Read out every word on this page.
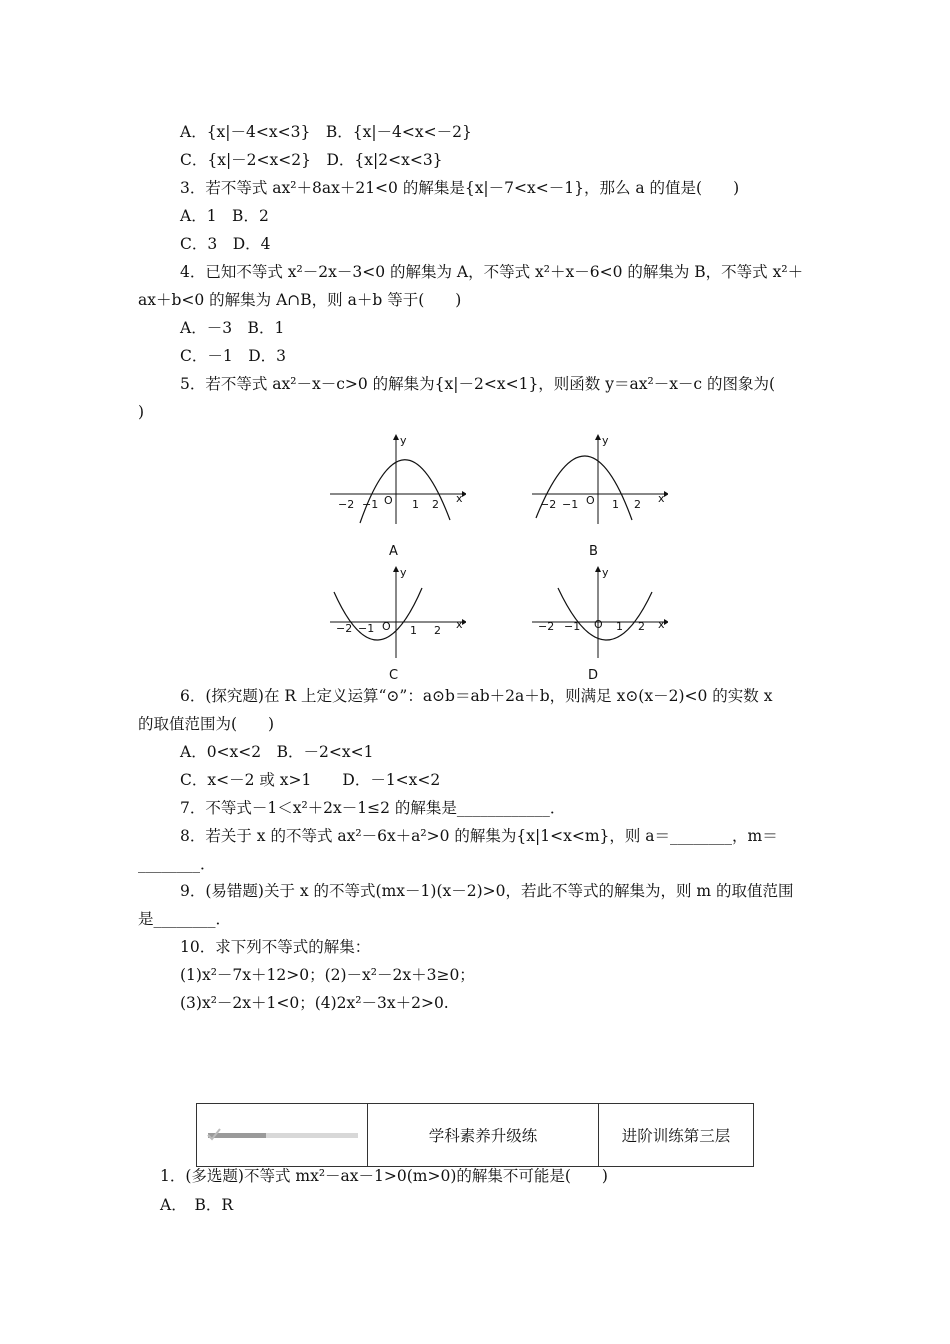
A．{x|－4<x<3}　B．{x|－4<x<－2}
C．{x|－2<x<2}　D．{x|2<x<3}
3．若不等式 ax²＋8ax＋21<0 的解集是{x|－7<x<－1}，那么 a 的值是(　　)
A．1　B．2
C．3　D．4
4．已知不等式 x²－2x－3<0 的解集为 A，不等式 x²＋x－6<0 的解集为 B，不等式 x²＋
ax＋b<0 的解集为 A∩B，则 a＋b 等于(　　)
A．－3　B．1
C．－1　D．3
5．若不等式 ax²－x－c>0 的解集为{x|－2<x<1}，则函数 y＝ax²－x－c 的图象为(
)
x
y
−2 −1 O 1 2
A
x
y
−2 −1 O 1 2
B
x
y
−2 −1 O 1 2
C
x
y
−2 −1 O 1 2
D
6．(探究题)在 R 上定义运算“⊙”：a⊙b＝ab＋2a＋b，则满足 x⊙(x－2)<0 的实数 x
的取值范围为(　　)
A．0<x<2　B．－2<x<1
C．x<－2 或 x>1　　D．－1<x<2
7．不等式－1＜x²＋2x－1≤2 的解集是____________．
8．若关于 x 的不等式 ax²－6x＋a²>0 的解集为{x|1<x<m}，则 a＝________，m＝
________．
9．(易错题)关于 x 的不等式(mx－1)(x－2)>0，若此不等式的解集为，则 m 的取值范围
是________．
10．求下列不等式的解集：
(1)x²－7x＋12>0；(2)－x²－2x＋3≥0；
(3)x²－2x＋1<0；(4)2x²－3x＋2>0.
学科素养升级练	进阶训练第三层
1．(多选题)不等式 mx²－ax－1>0(m>0)的解集不可能是(　　)
A．　B．R
